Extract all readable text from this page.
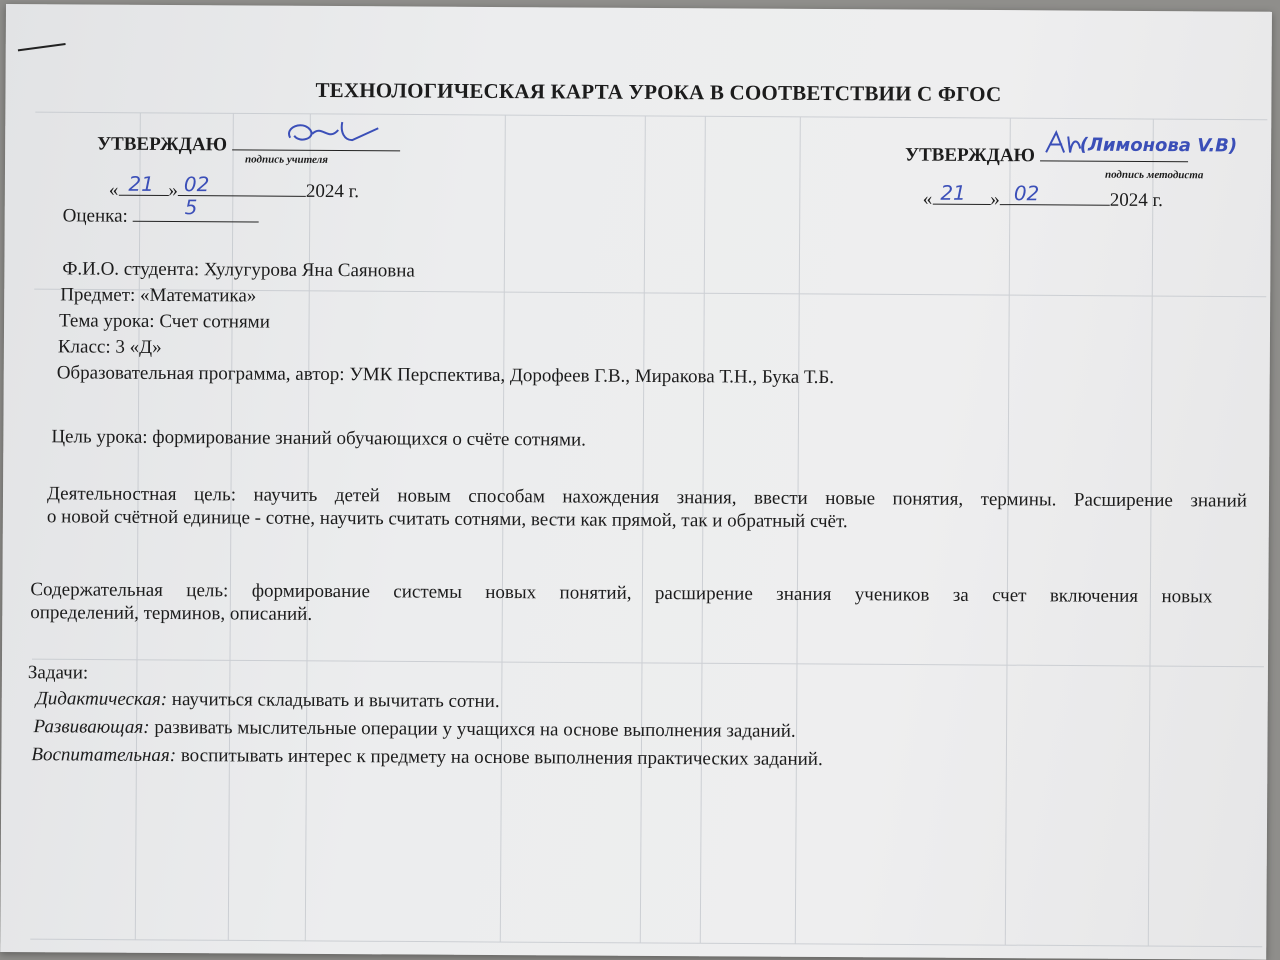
ТЕХНОЛОГИЧЕСКАЯ КАРТА УРОКА В СООТВЕТСТВИИ С ФГОС
УТВЕРЖДАЮ
подпись учителя
« 21 » 02	2024 г.
Оценка:	5
УТВЕРЖДАЮ (Лимонова V.B)
подпись методиста
« 21 » 02	2024 г.
Ф.И.О. студента: Хулугурова Яна Саяновна
Предмет: «Математика»
Тема урока: Счет сотнями
Класс: 3 «Д»
Образовательная программа, автор: УМК Перспектива, Дорофеев Г.В., Миракова Т.Н., Бука Т.Б.
Цель урока: формирование знаний обучающихся о счёте сотнями.
Деятельностная цель: научить детей новым способам нахождения знания, ввести новые понятия, термины. Расширение знаний
о новой счётной единице - сотне, научить считать сотнями, вести как прямой, так и обратный счёт.
Содержательная цель: формирование системы новых понятий, расширение знания учеников за счет включения новых
определений, терминов, описаний.
Задачи:
Дидактическая: научиться складывать и вычитать сотни.
Развивающая: развивать мыслительные операции у учащихся на основе выполнения заданий.
Воспитательная: воспитывать интерес к предмету на основе выполнения практических заданий.
